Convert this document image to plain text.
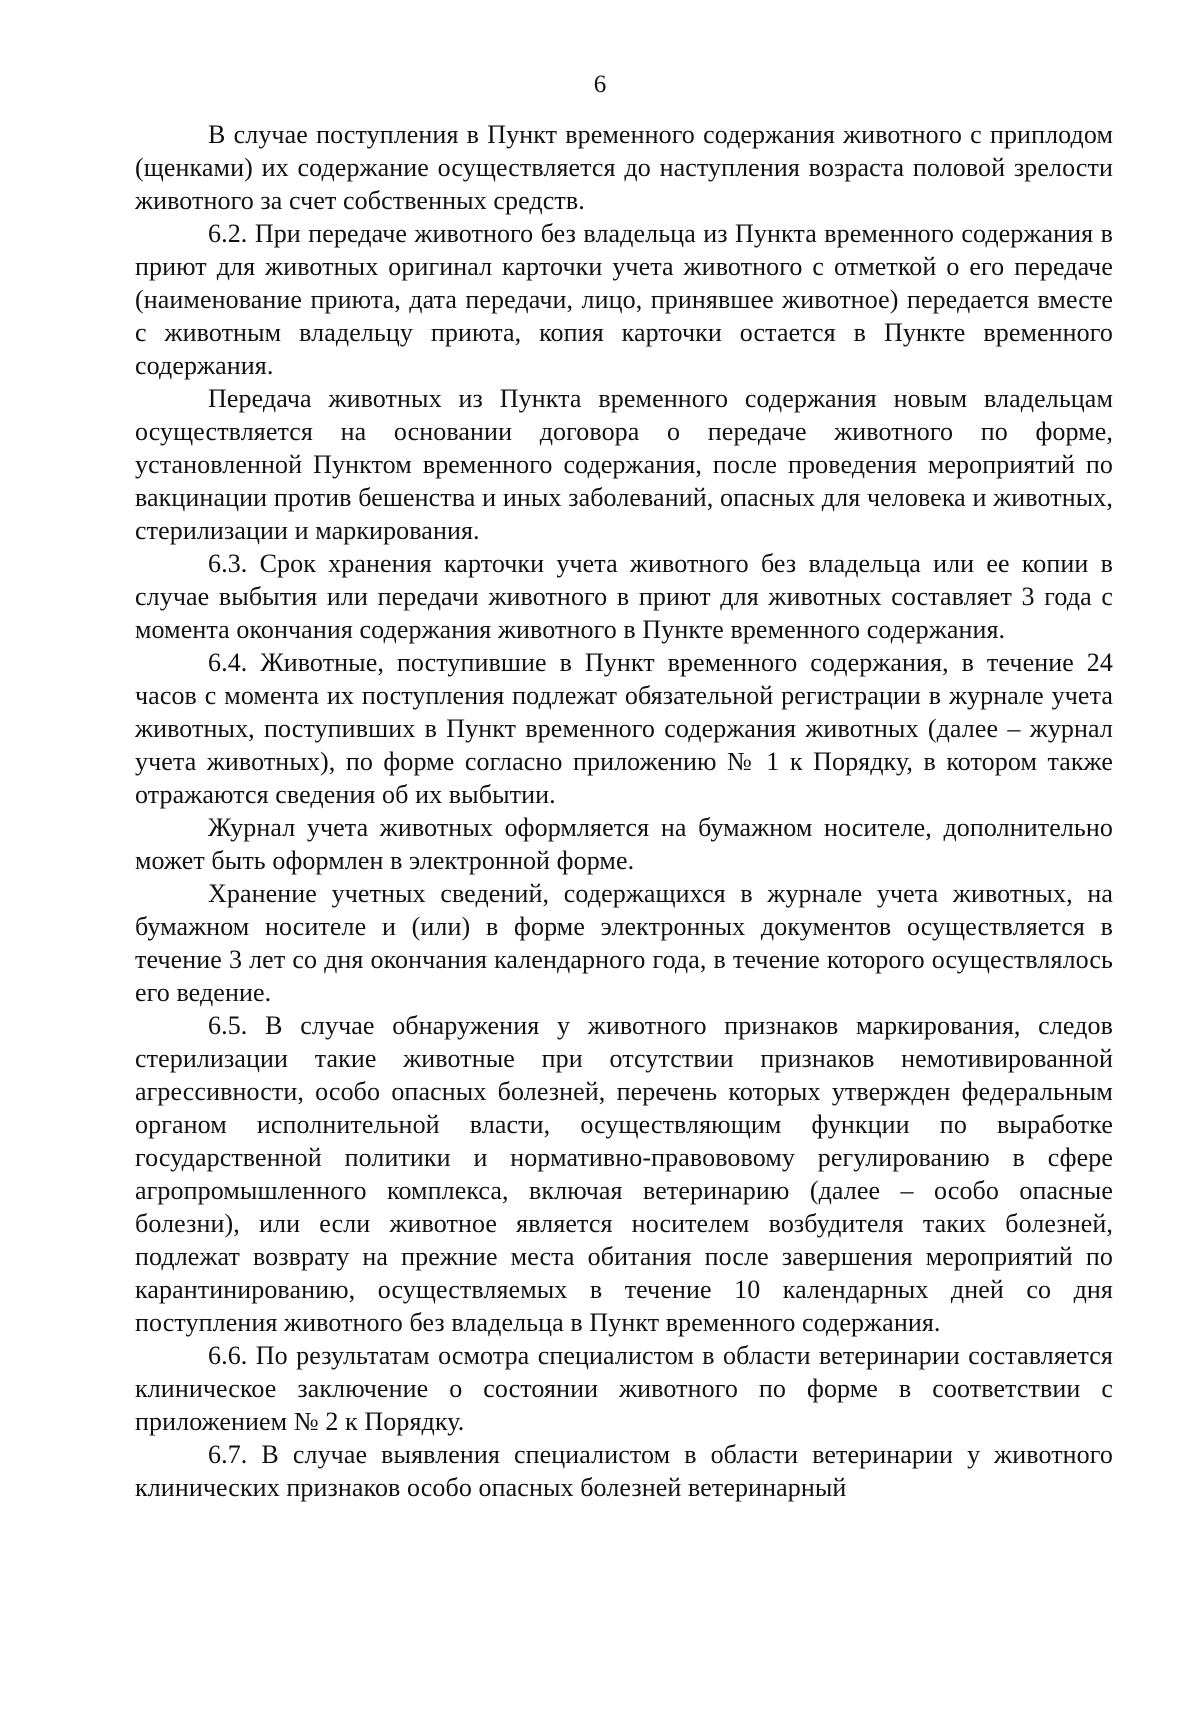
6

В случае поступления в Пункт временного содержания животного с приплодом (щенками) их содержание осуществляется до наступления возраста половой зрелости животного за счет собственных средств.

6.2. При передаче животного без владельца из Пункта временного содержания в приют для животных оригинал карточки учета животного с отметкой о его передаче (наименование приюта, дата передачи, лицо, принявшее животное) передается вместе с животным владельцу приюта, копия карточки остается в Пункте временного содержания.

Передача животных из Пункта временного содержания новым владельцам осуществляется на основании договора о передаче животного по форме, установленной Пунктом временного содержания, после проведения мероприятий по вакцинации против бешенства и иных заболеваний, опасных для человека и животных, стерилизации и маркирования.

6.3. Срок хранения карточки учета животного без владельца или ее копии в случае выбытия или передачи животного в приют для животных составляет 3 года с момента окончания содержания животного в Пункте временного содержания.

6.4. Животные, поступившие в Пункт временного содержания, в течение 24 часов с момента их поступления подлежат обязательной регистрации в журнале учета животных, поступивших в Пункт временного содержания животных (далее – журнал учета животных), по форме согласно приложению № 1 к Порядку, в котором также отражаются сведения об их выбытии.

Журнал учета животных оформляется на бумажном носителе, дополнительно может быть оформлен в электронной форме.

Хранение учетных сведений, содержащихся в журнале учета животных, на бумажном носителе и (или) в форме электронных документов осуществляется в течение 3 лет со дня окончания календарного года, в течение которого осуществлялось его ведение.

6.5. В случае обнаружения у животного признаков маркирования, следов стерилизации такие животные при отсутствии признаков немотивированной агрессивности, особо опасных болезней, перечень которых утвержден федеральным органом исполнительной власти, осуществляющим функции по выработке государственной политики и нормативно-правововому регулированию в сфере агропромышленного комплекса, включая ветеринарию (далее – особо опасные болезни), или если животное является носителем возбудителя таких болезней, подлежат возврату на прежние места обитания после завершения мероприятий по карантинированию, осуществляемых в течение 10 календарных дней со дня поступления животного без владельца в Пункт временного содержания.

6.6. По результатам осмотра специалистом в области ветеринарии составляется клиническое заключение о состоянии животного по форме в соответствии с приложением № 2 к Порядку.

6.7. В случае выявления специалистом в области ветеринарии у животного клинических признаков особо опасных болезней ветеринарный
